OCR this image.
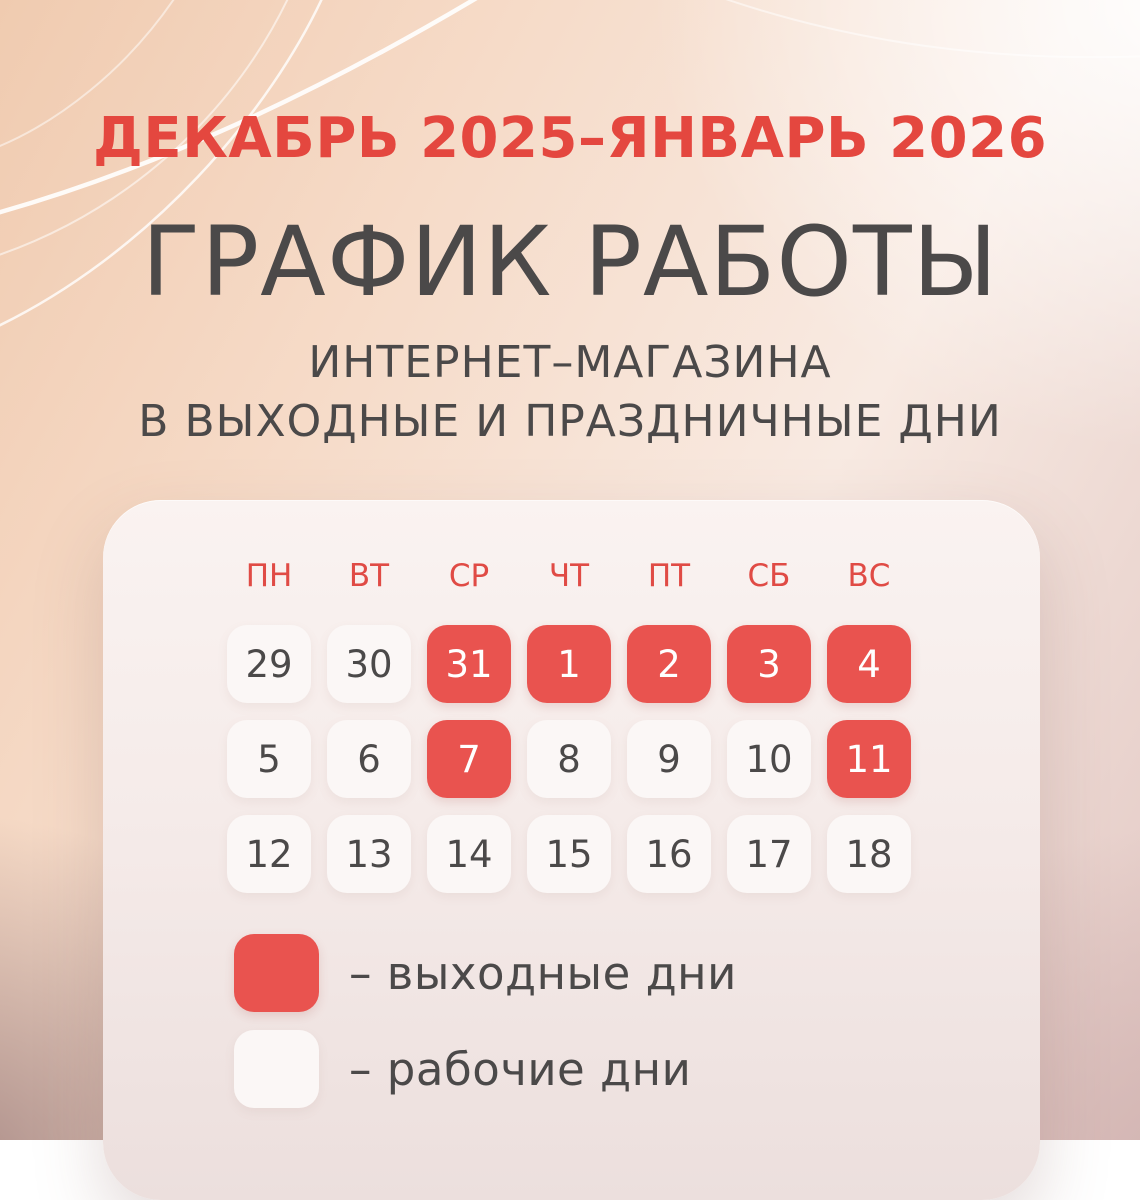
ДЕКАБРЬ 2025–ЯНВАРЬ 2026
ГРАФИК РАБОТЫ
ИНТЕРНЕТ–МАГАЗИНА
В ВЫХОДНЫЕ И ПРАЗДНИЧНЫЕ ДНИ
ПН	ВТ	СР	ЧТ	ПТ	СБ	ВС
29	30	31	1	2	3	4
5	6	7	8	9	10	11
12	13	14	15	16	17	18
– выходные дни
– рабочие дни
